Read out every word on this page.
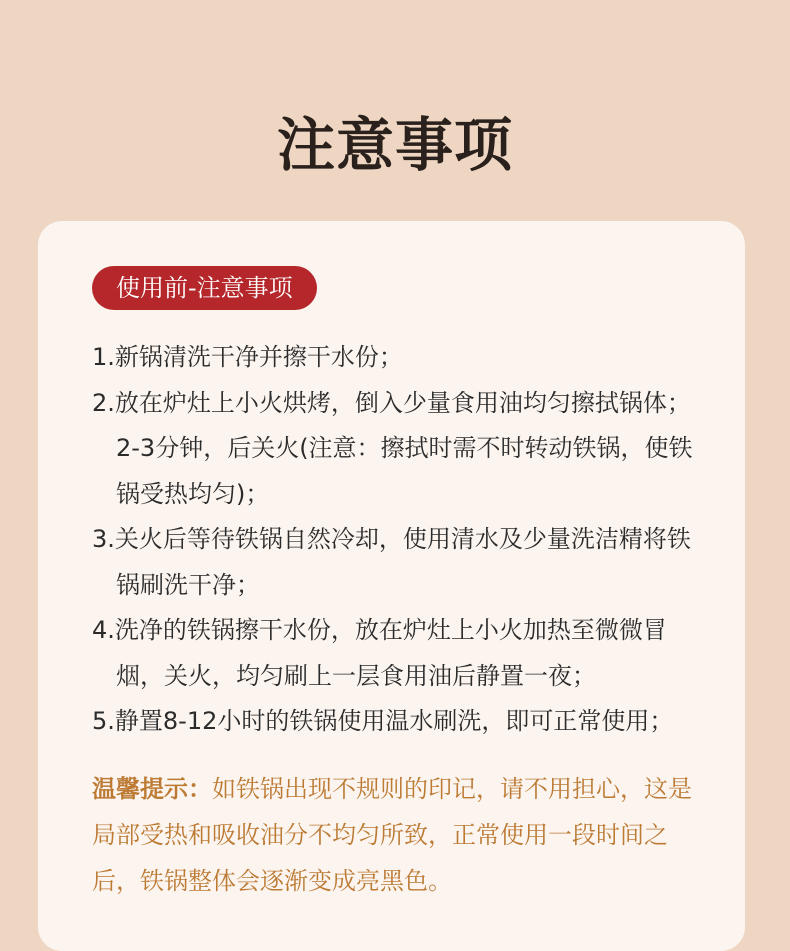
注意事项
使用前-注意事项

1.新锅清洗干净并擦干水份；

2.放在炉灶上小火烘烤，倒入少量食用油均匀擦拭锅体；2-3分钟，后关火(注意：擦拭时需不时转动铁锅，使铁锅受热均匀)；

3.关火后等待铁锅自然冷却，使用清水及少量洗洁精将铁锅刷洗干净；

4.洗净的铁锅擦干水份，放在炉灶上小火加热至微微冒烟，关火，均匀刷上一层食用油后静置一夜；

5.静置8-12小时的铁锅使用温水刷洗，即可正常使用；

温馨提示：如铁锅出现不规则的印记，请不用担心，这是局部受热和吸收油分不均匀所致，正常使用一段时间之后，铁锅整体会逐渐变成亮黑色。
